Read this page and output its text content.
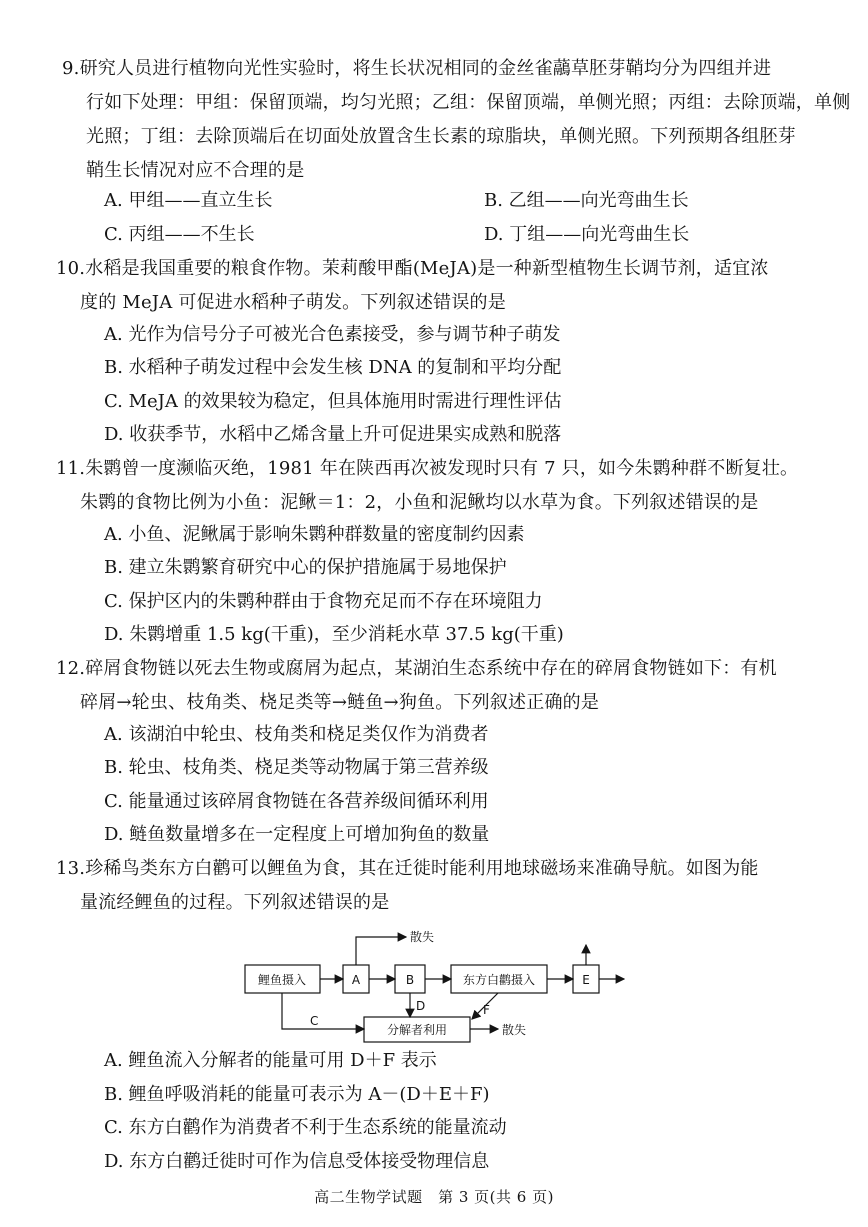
9.研究人员进行植物向光性实验时，将生长状况相同的金丝雀虉草胚芽鞘均分为四组并进
行如下处理：甲组：保留顶端，均匀光照；乙组：保留顶端，单侧光照；丙组：去除顶端，单侧
光照；丁组：去除顶端后在切面处放置含生长素的琼脂块，单侧光照。下列预期各组胚芽
鞘生长情况对应不合理的是
A. 甲组——直立生长	B. 乙组——向光弯曲生长
C. 丙组——不生长	D. 丁组——向光弯曲生长
10.水稻是我国重要的粮食作物。茉莉酸甲酯(MeJA)是一种新型植物生长调节剂，适宜浓
度的 MeJA 可促进水稻种子萌发。下列叙述错误的是
A. 光作为信号分子可被光合色素接受，参与调节种子萌发
B. 水稻种子萌发过程中会发生核 DNA 的复制和平均分配
C. MeJA 的效果较为稳定，但具体施用时需进行理性评估
D. 收获季节，水稻中乙烯含量上升可促进果实成熟和脱落
11.朱鹮曾一度濒临灭绝，1981 年在陕西再次被发现时只有 7 只，如今朱鹮种群不断复壮。
朱鹮的食物比例为小鱼：泥鳅＝1：2，小鱼和泥鳅均以水草为食。下列叙述错误的是
A. 小鱼、泥鳅属于影响朱鹮种群数量的密度制约因素
B. 建立朱鹮繁育研究中心的保护措施属于易地保护
C. 保护区内的朱鹮种群由于食物充足而不存在环境阻力
D. 朱鹮增重 1.5 kg(干重)，至少消耗水草 37.5 kg(干重)
12.碎屑食物链以死去生物或腐屑为起点，某湖泊生态系统中存在的碎屑食物链如下：有机
碎屑→轮虫、枝角类、桡足类等→鲢鱼→狗鱼。下列叙述正确的是
A. 该湖泊中轮虫、枝角类和桡足类仅作为消费者
B. 轮虫、枝角类、桡足类等动物属于第三营养级
C. 能量通过该碎屑食物链在各营养级间循环利用
D. 鲢鱼数量增多在一定程度上可增加狗鱼的数量
13.珍稀鸟类东方白鹳可以鲤鱼为食，其在迁徙时能利用地球磁场来准确导航。如图为能
量流经鲤鱼的过程。下列叙述错误的是
鲤鱼摄入	A	B	东方白鹳摄入	E
分解者利用
散失
散失
C
D	F
A. 鲤鱼流入分解者的能量可用 D＋F 表示
B. 鲤鱼呼吸消耗的能量可表示为 A－(D＋E＋F)
C. 东方白鹳作为消费者不利于生态系统的能量流动
D. 东方白鹳迁徙时可作为信息受体接受物理信息
高二生物学试题　第 3 页(共 6 页)
